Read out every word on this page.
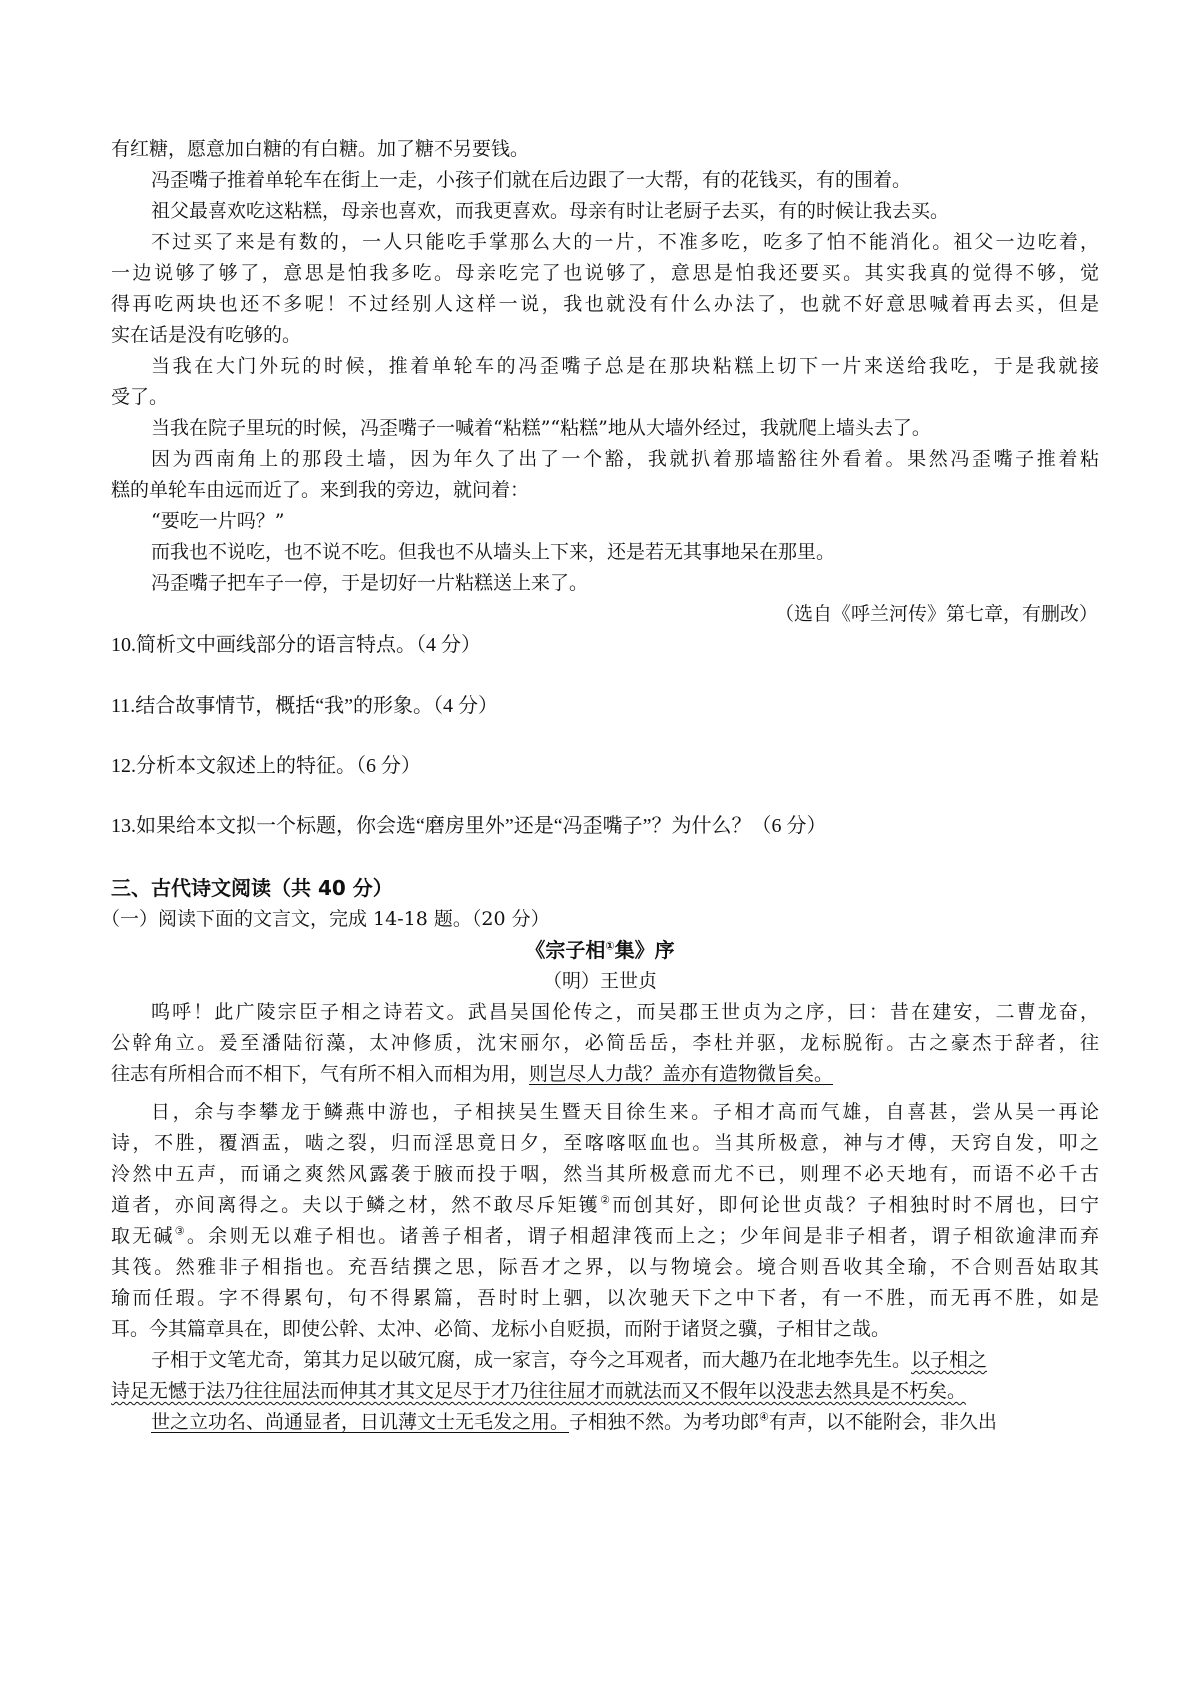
有红糖，愿意加白糖的有白糖。加了糖不另要钱。
冯歪嘴子推着单轮车在街上一走，小孩子们就在后边跟了一大帮，有的花钱买，有的围着。
祖父最喜欢吃这粘糕，母亲也喜欢，而我更喜欢。母亲有时让老厨子去买，有的时候让我去买。
不过买了来是有数的，一人只能吃手掌那么大的一片，不准多吃，吃多了怕不能消化。祖父一边吃着，
一边说够了够了，意思是怕我多吃。母亲吃完了也说够了，意思是怕我还要买。其实我真的觉得不够，觉
得再吃两块也还不多呢！不过经别人这样一说，我也就没有什么办法了，也就不好意思喊着再去买，但是
实在话是没有吃够的。
当我在大门外玩的时候，推着单轮车的冯歪嘴子总是在那块粘糕上切下一片来送给我吃，于是我就接
受了。
当我在院子里玩的时候，冯歪嘴子一喊着“粘糕”“粘糕”地从大墙外经过，我就爬上墙头去了。
因为西南角上的那段土墙，因为年久了出了一个豁，我就扒着那墙豁往外看着。果然冯歪嘴子推着粘
糕的单轮车由远而近了。来到我的旁边，就问着：
“要吃一片吗？”
而我也不说吃，也不说不吃。但我也不从墙头上下来，还是若无其事地呆在那里。
冯歪嘴子把车子一停，于是切好一片粘糕送上来了。
（选自《呼兰河传》第七章，有删改）
10.简析文中画线部分的语言特点。（4 分）
11.结合故事情节，概括“我”的形象。（4 分）
12.分析本文叙述上的特征。（6 分）
13.如果给本文拟一个标题，你会选“磨房里外”还是“冯歪嘴子”？为什么？（6 分）
三、古代诗文阅读（共 40 分）
（一）阅读下面的文言文，完成 14-18 题。（20 分）
《宗子相①集》序
（明）王世贞
呜呼！此广陵宗臣子相之诗若文。武昌吴国伦传之，而吴郡王世贞为之序，曰：昔在建安，二曹龙奋，
公幹角立。爰至潘陆衍藻，太冲修质，沈宋丽尔，必简岳岳，李杜并驱，龙标脱衔。古之豪杰于辞者，往
往志有所相合而不相下，气有所不相入而相为用，则岂尽人力哉？盖亦有造物微旨矣。
日，余与李攀龙于鳞燕中游也，子相挟吴生暨天目徐生来。子相才高而气雄，自喜甚，尝从吴一再论
诗，不胜，覆酒盂，啮之裂，归而淫思竟日夕，至喀喀呕血也。当其所极意，神与才傅，天窍自发，叩之
泠然中五声，而诵之爽然风露袭于腋而投于咽，然当其所极意而尤不已，则理不必天地有，而语不必千古
道者，亦间离得之。夫以于鳞之材，然不敢尽斥矩镬②而创其好，即何论世贞哉？子相独时时不屑也，曰宁
取无碱③。余则无以难子相也。诸善子相者，谓子相超津筏而上之；少年间是非子相者，谓子相欲逾津而弃
其筏。然雅非子相指也。充吾结撰之思，际吾才之界，以与物境会。境合则吾收其全瑜，不合则吾姑取其
瑜而任瑕。字不得累句，句不得累篇，吾时时上驷，以次驰天下之中下者，有一不胜，而无再不胜，如是
耳。今其篇章具在，即使公幹、太冲、必简、龙标小自贬损，而附于诸贤之骥，子相甘之哉。
子相于文笔尤奇，第其力足以破冗腐，成一家言，夺今之耳观者，而大趣乃在北地李先生。以子相之
诗足无憾于法乃往往屈法而伸其才其文足尽于才乃往往屈才而就法而又不假年以没悲去然具是不朽矣。
世之立功名、尚通显者，日讥薄文士无毛发之用。子相独不然。为考功郎④有声，以不能附会，非久出
